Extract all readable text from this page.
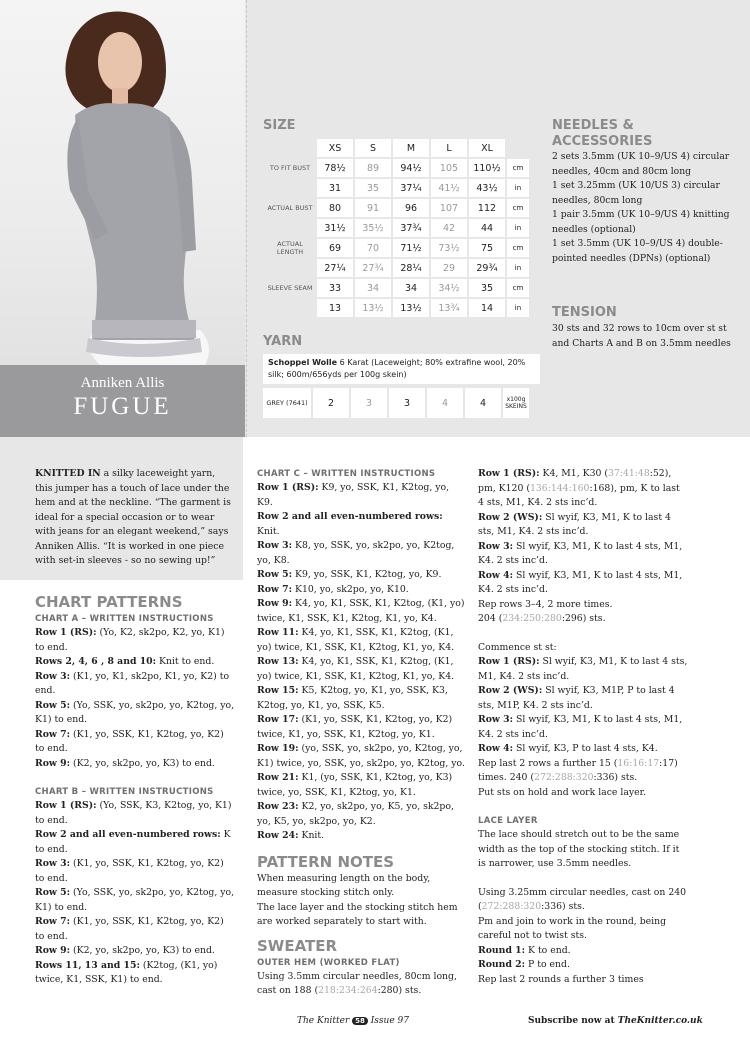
Anniken Allis
FUGUE
SIZE
	XS	S	M	L	XL	
TO FIT BUST	78½	89	94½	105	110½	cm
	31	35	37¼	41½	43½	in
ACTUAL BUST	80	91	96	107	112	cm
	31½	35½	37¾	42	44	in
ACTUAL LENGTH	69	70	71½	73½	75	cm
	27¼	27¾	28¼	29	29¾	in
SLEEVE SEAM	33	34	34	34½	35	cm
	13	13½	13½	13¾	14	in
YARN
Schoppel Wolle 6 Karat (Laceweight; 80% extrafine wool, 20% silk; 600m/656yds per 100g skein)
GREY (7641)	2	3	3	4	4	x100g SKEINS
NEEDLES & ACCESSORIES
2 sets 3.5mm (UK 10–9/US 4) circular needles, 40cm and 80cm long
1 set 3.25mm (UK 10/US 3) circular needles, 80cm long
1 pair 3.5mm (UK 10–9/US 4) knitting needles (optional)
1 set 3.5mm (UK 10–9/US 4) double-pointed needles (DPNs) (optional)
TENSION
30 sts and 32 rows to 10cm over st st and Charts A and B on 3.5mm needles
KNITTED IN a silky laceweight yarn, this jumper has a touch of lace under the hem and at the neckline. “The garment is ideal for a special occasion or to wear with jeans for an elegant weekend,” says Anniken Allis. “It is worked in one piece with set-in sleeves - so no sewing up!”
CHART PATTERNS
CHART A – WRITTEN INSTRUCTIONS

Row 1 (RS): (Yo, K2, sk2po, K2, yo, K1) to end.

Rows 2, 4, 6 , 8 and 10: Knit to end.

Row 3: (K1, yo, K1, sk2po, K1, yo, K2) to end.

Row 5: (Yo, SSK, yo, sk2po, yo, K2tog, yo, K1) to end.

Row 7: (K1, yo, SSK, K1, K2tog, yo, K2) to end.

Row 9: (K2, yo, sk2po, yo, K3) to end.

CHART B – WRITTEN INSTRUCTIONS

Row 1 (RS): (Yo, SSK, K3, K2tog, yo, K1) to end.

Row 2 and all even-numbered rows: K to end.

Row 3: (K1, yo, SSK, K1, K2tog, yo, K2) to end.

Row 5: (Yo, SSK, yo, sk2po, yo, K2tog, yo, K1) to end.

Row 7: (K1, yo, SSK, K1, K2tog, yo, K2) to end.

Row 9: (K2, yo, sk2po, yo, K3) to end.

Rows 11, 13 and 15: (K2tog, (K1, yo) twice, K1, SSK, K1) to end.

CHART C – WRITTEN INSTRUCTIONS

Row 1 (RS): K9, yo, SSK, K1, K2tog, yo, K9.

Row 2 and all even-numbered rows: Knit.

Row 3: K8, yo, SSK, yo, sk2po, yo, K2tog, yo, K8.

Row 5: K9, yo, SSK, K1, K2tog, yo, K9.

Row 7: K10, yo, sk2po, yo, K10.

Row 9: K4, yo, K1, SSK, K1, K2tog, (K1, yo) twice, K1, SSK, K1, K2tog, K1, yo, K4.

Row 11: K4, yo, K1, SSK, K1, K2tog, (K1, yo) twice, K1, SSK, K1, K2tog, K1, yo, K4.

Row 13: K4, yo, K1, SSK, K1, K2tog, (K1, yo) twice, K1, SSK, K1, K2tog, K1, yo, K4.

Row 15: K5, K2tog, yo, K1, yo, SSK, K3, K2tog, yo, K1, yo, SSK, K5.

Row 17: (K1, yo, SSK, K1, K2tog, yo, K2) twice, K1, yo, SSK, K1, K2tog, yo, K1.

Row 19: (yo, SSK, yo, sk2po, yo, K2tog, yo, K1) twice, yo, SSK, yo, sk2po, yo, K2tog, yo.

Row 21: K1, (yo, SSK, K1, K2tog, yo, K3) twice, yo, SSK, K1, K2tog, yo, K1.

Row 23: K2, yo, sk2po, yo, K5, yo, sk2po, yo, K5, yo, sk2po, yo, K2.

Row 24: Knit.

PATTERN NOTES

When measuring length on the body, measure stocking stitch only.

The lace layer and the stocking stitch hem are worked separately to start with.

SWEATER
OUTER HEM (WORKED FLAT)

Using 3.5mm circular needles, 80cm long, cast on 188 (218:234:264:280) sts.

Row 1 (RS): K4, M1, K30 (37:41:48:52), pm, K120 (136:144:160:168), pm, K to last 4 sts, M1, K4. 2 sts inc’d.

Row 2 (WS): Sl wyif, K3, M1, K to last 4 sts, M1, K4. 2 sts inc’d.

Row 3: Sl wyif, K3, M1, K to last 4 sts, M1, K4. 2 sts inc’d.

Row 4: Sl wyif, K3, M1, K to last 4 sts, M1, K4. 2 sts inc’d.

Rep rows 3–4, 2 more times.

204 (234:250:280:296) sts.

Commence st st:

Row 1 (RS): Sl wyif, K3, M1, K to last 4 sts, M1, K4. 2 sts inc’d.

Row 2 (WS): Sl wyif, K3, M1P, P to last 4 sts, M1P, K4. 2 sts inc’d.

Row 3: Sl wyif, K3, M1, K to last 4 sts, M1, K4. 2 sts inc’d.

Row 4: Sl wyif, K3, P to last 4 sts, K4.

Rep last 2 rows a further 15 (16:16:17:17) times. 240 (272:288:320:336) sts.

Put sts on hold and work lace layer.

LACE LAYER

The lace should stretch out to be the same width as the top of the stocking stitch. If it is narrower, use 3.5mm needles.

Using 3.25mm circular needles, cast on 240 (272:288:320:336) sts.

Pm and join to work in the round, being careful not to twist sts.

Round 1: K to end.

Round 2: P to end.

Rep last 2 rounds a further 3 times

The Knitter 58 Issue 97	Subscribe now at TheKnitter.co.uk
